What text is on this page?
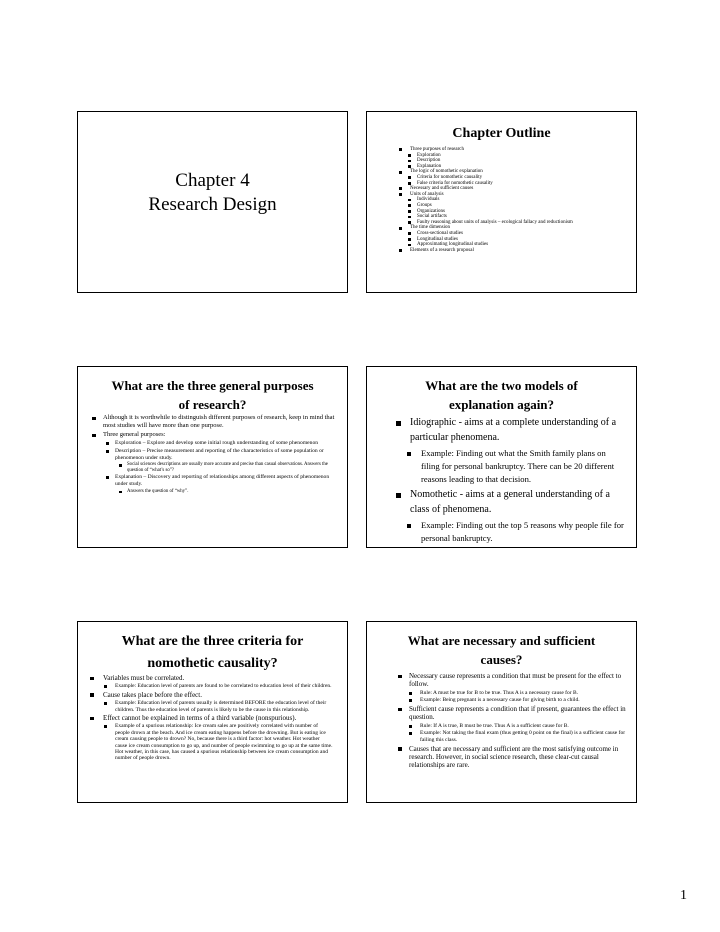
Chapter 4
Research Design
Chapter Outline
Three purposes of research
Exploration
Description
Explanation
The logic of nomothetic explanation
Criteria for nomothetic causality
False criteria for nomothetic causality
Necessary and sufficient causes
Units of analysis
Individuals
Groups
Organizations
Social artifacts
Faulty reasoning about units of analysis – ecological fallacy and reductionism
The time dimension
Cross-sectional studies
Longitudinal studies
Approximating longitudinal studies
Elements of a research proposal
What are the three general purposes
of research?
Although it is worthwhile to distinguish different purposes of research, keep in mind that most studies will have more than one purpose.
Three general purposes:
Exploration – Explore and develop some initial rough understanding of some phenomenon
Description – Precise measurement and reporting of the characteristics of some population or phenomenon under study.
Social sciences descriptions are usually more accurate and precise than casual observations. Answers the question of “what’s so”?
Explanation – Discovery and reporting of relationships among different aspects of phenomenon under study.
Answers the question of “why”.
What are the two models of
explanation again?
Idiographic - aims at a complete understanding of a particular phenomena.
Example: Finding out what the Smith family plans on filing for personal bankruptcy. There can be 20 different reasons leading to that decision.
Nomothetic - aims at a general understanding of a class of phenomena.
Example: Finding out the top 5 reasons why people file for personal bankruptcy.
What are the three criteria for
nomothetic causality?
Variables must be correlated.
Example: Education level of parents are found to be correlated to education level of their children.
Cause takes place before the effect.
Example: Education level of parents usually is determined BEFORE the education level of their children. Thus the education level of parents is likely to be the cause in this relationship.
Effect cannot be explained in terms of a third variable (nonspurious).
Example of a spurious relationship: Ice cream sales are positively correlated with number of people drown at the beach. And ice cream eating happens before the drowning. But is eating ice cream causing people to drown? No, because there is a third factor: hot weather. Hot weather cause ice cream consumption to go up, and number of people swimming to go up at the same time. Hot weather, in this case, has caused a spurious relationship between ice cream consumption and number of people drown.
What are necessary and sufficient
causes?
Necessary cause represents a condition that must be present for the effect to follow.
Rule: A must be true for B to be true. Thus A is a necessary cause for B.
Example: Being pregnant is a necessary cause for giving birth to a child.
Sufficient cause represents a condition that if present, guarantees the effect in question.
Rule: If A is true, B must be true. Thus A is a sufficient cause for B.
Example: Not taking the final exam (thus getting 0 point on the final) is a sufficient cause for failing this class.
Causes that are necessary and sufficient are the most satisfying outcome in research. However, in social science research, these clear-cut causal relationships are rare.
1
